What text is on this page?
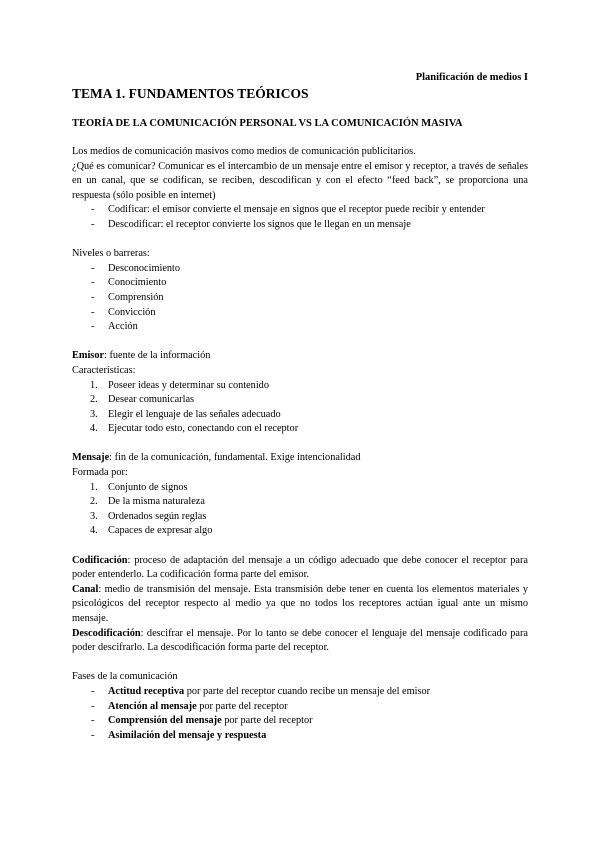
Planificación de medios I
TEMA 1. FUNDAMENTOS TEÓRICOS
TEORÍA DE LA COMUNICACIÓN PERSONAL VS LA COMUNICACIÓN MASIVA

Los medios de comunicación masivos como medios de comunicación publicitarios.

¿Qué es comunicar? Comunicar es el intercambio de un mensaje entre el emisor y receptor, a través de señales en un canal, que se codifican, se reciben, descodifican y con el efecto “feed back”, se proporciona una respuesta (sólo posible en internet)

- Codificar: el emisor convierte el mensaje en signos que el receptor puede recibir y entender
- Descodificar: el receptor convierte los signos que le llegan en un mensaje

Niveles o barreras:

- Desconocimiento
- Conocimiento
- Comprensión
- Convicción
- Acción

Emisor: fuente de la información

Características:

1. Poseer ideas y determinar su contenido
2. Desear comunicarlas
3. Elegir el lenguaje de las señales adecuado
4. Ejecutar todo esto, conectando con el receptor

Mensaje: fin de la comunicación, fundamental. Exige intencionalidad

Formada por:

1. Conjunto de signos
2. De la misma naturaleza
3. Ordenados según reglas
4. Capaces de expresar algo

Codificación: proceso de adaptación del mensaje a un código adecuado que debe conocer el receptor para poder entenderlo. La codificación forma parte del emisor.

Canal: medio de transmisión del mensaje. Esta transmisión debe tener en cuenta los elementos materiales y psicológicos del receptor respecto al medio ya que no todos los receptores actúan igual ante un mismo mensaje.

Descodificación: descifrar el mensaje. Por lo tanto se debe conocer el lenguaje del mensaje codificado para poder descifrarlo. La descodificación forma parte del receptor.

Fases de la comunicación

- Actitud receptiva por parte del receptor cuando recibe un mensaje del emisor
- Atención al mensaje por parte del receptor
- Comprensión del mensaje por parte del receptor
- Asimilación del mensaje y respuesta
